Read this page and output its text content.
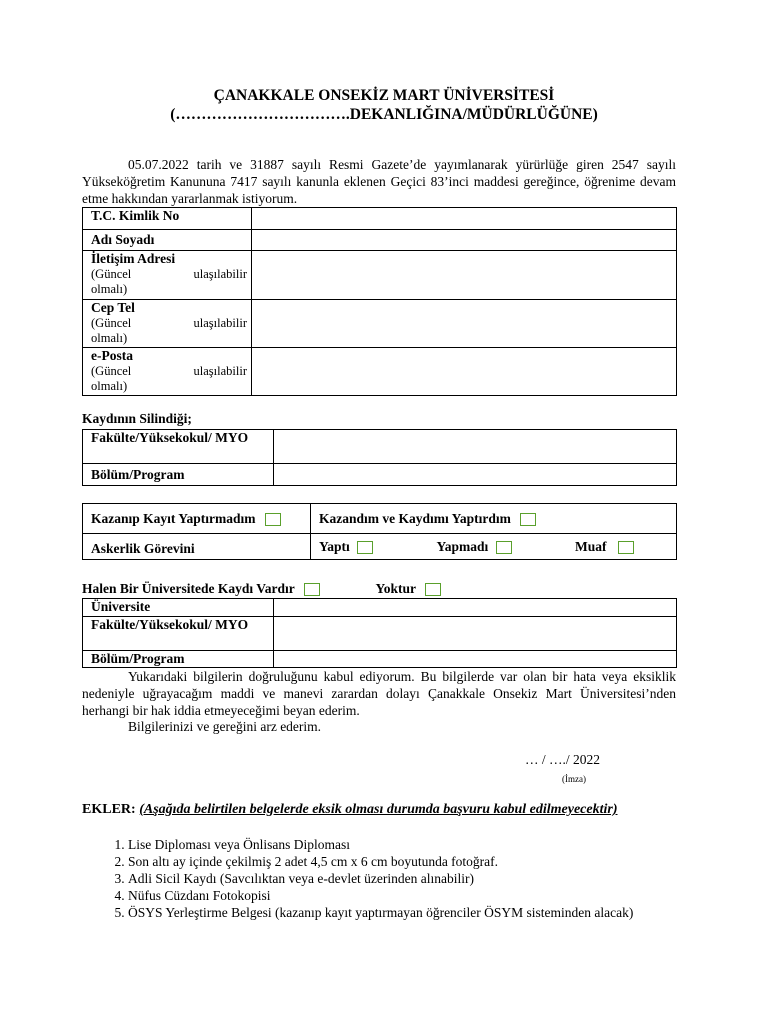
ÇANAKKALE ONSEKİZ MART ÜNİVERSİTESİ
(…………………………….DEKANLIĞINA/MÜDÜRLÜĞÜNE)
05.07.2022 tarih ve 31887 sayılı Resmi Gazete’de yayımlanarak yürürlüğe giren 2547 sayılı Yükseköğretim Kanununa 7417 sayılı kanunla eklenen Geçici 83’inci maddesi gereğince, öğrenime devam etme hakkından yararlanmak istiyorum.
T.C. Kimlik No	
Adı Soyadı	

İletişim Adresi
(Güncel ulaşılabilir
olmalı)	

Cep Tel
(Güncel ulaşılabilir
olmalı)	

e-Posta
(Güncel ulaşılabilir
olmalı)	

Kaydının Silindiği;
Fakülte/Yüksekokul/ MYO	
Bölüm/Program	
Kazanıp Kayıt Yaptırmadım	Kazandım ve Kaydımı Yaptırdım
Askerlik Görevini	Yaptı Yapmadı Muaf
Halen Bir Üniversitede Kaydı Vardır	Yoktur
Üniversite	
Fakülte/Yüksekokul/ MYO	
Bölüm/Program	
Yukarıdaki bilgilerin doğruluğunu kabul ediyorum. Bu bilgilerde var olan bir hata veya eksiklik nedeniyle uğrayacağım maddi ve manevi zarardan dolayı Çanakkale Onsekiz Mart Üniversitesi’nden herhangi bir hak iddia etmeyeceğimi beyan ederim.
Bilgilerinizi ve gereğini arz ederim.
… / …./ 2022
(İmza)
EKLER: (Aşağıda belirtilen belgelerde eksik olması durumda başvuru kabul edilmeyecektir)
1. Lise Diploması veya Önlisans Diploması
2. Son altı ay içinde çekilmiş 2 adet 4,5 cm x 6 cm boyutunda fotoğraf.
3. Adli Sicil Kaydı (Savcılıktan veya e-devlet üzerinden alınabilir)
4. Nüfus Cüzdanı Fotokopisi
5. ÖSYS Yerleştirme Belgesi (kazanıp kayıt yaptırmayan öğrenciler ÖSYM sisteminden alacak)
